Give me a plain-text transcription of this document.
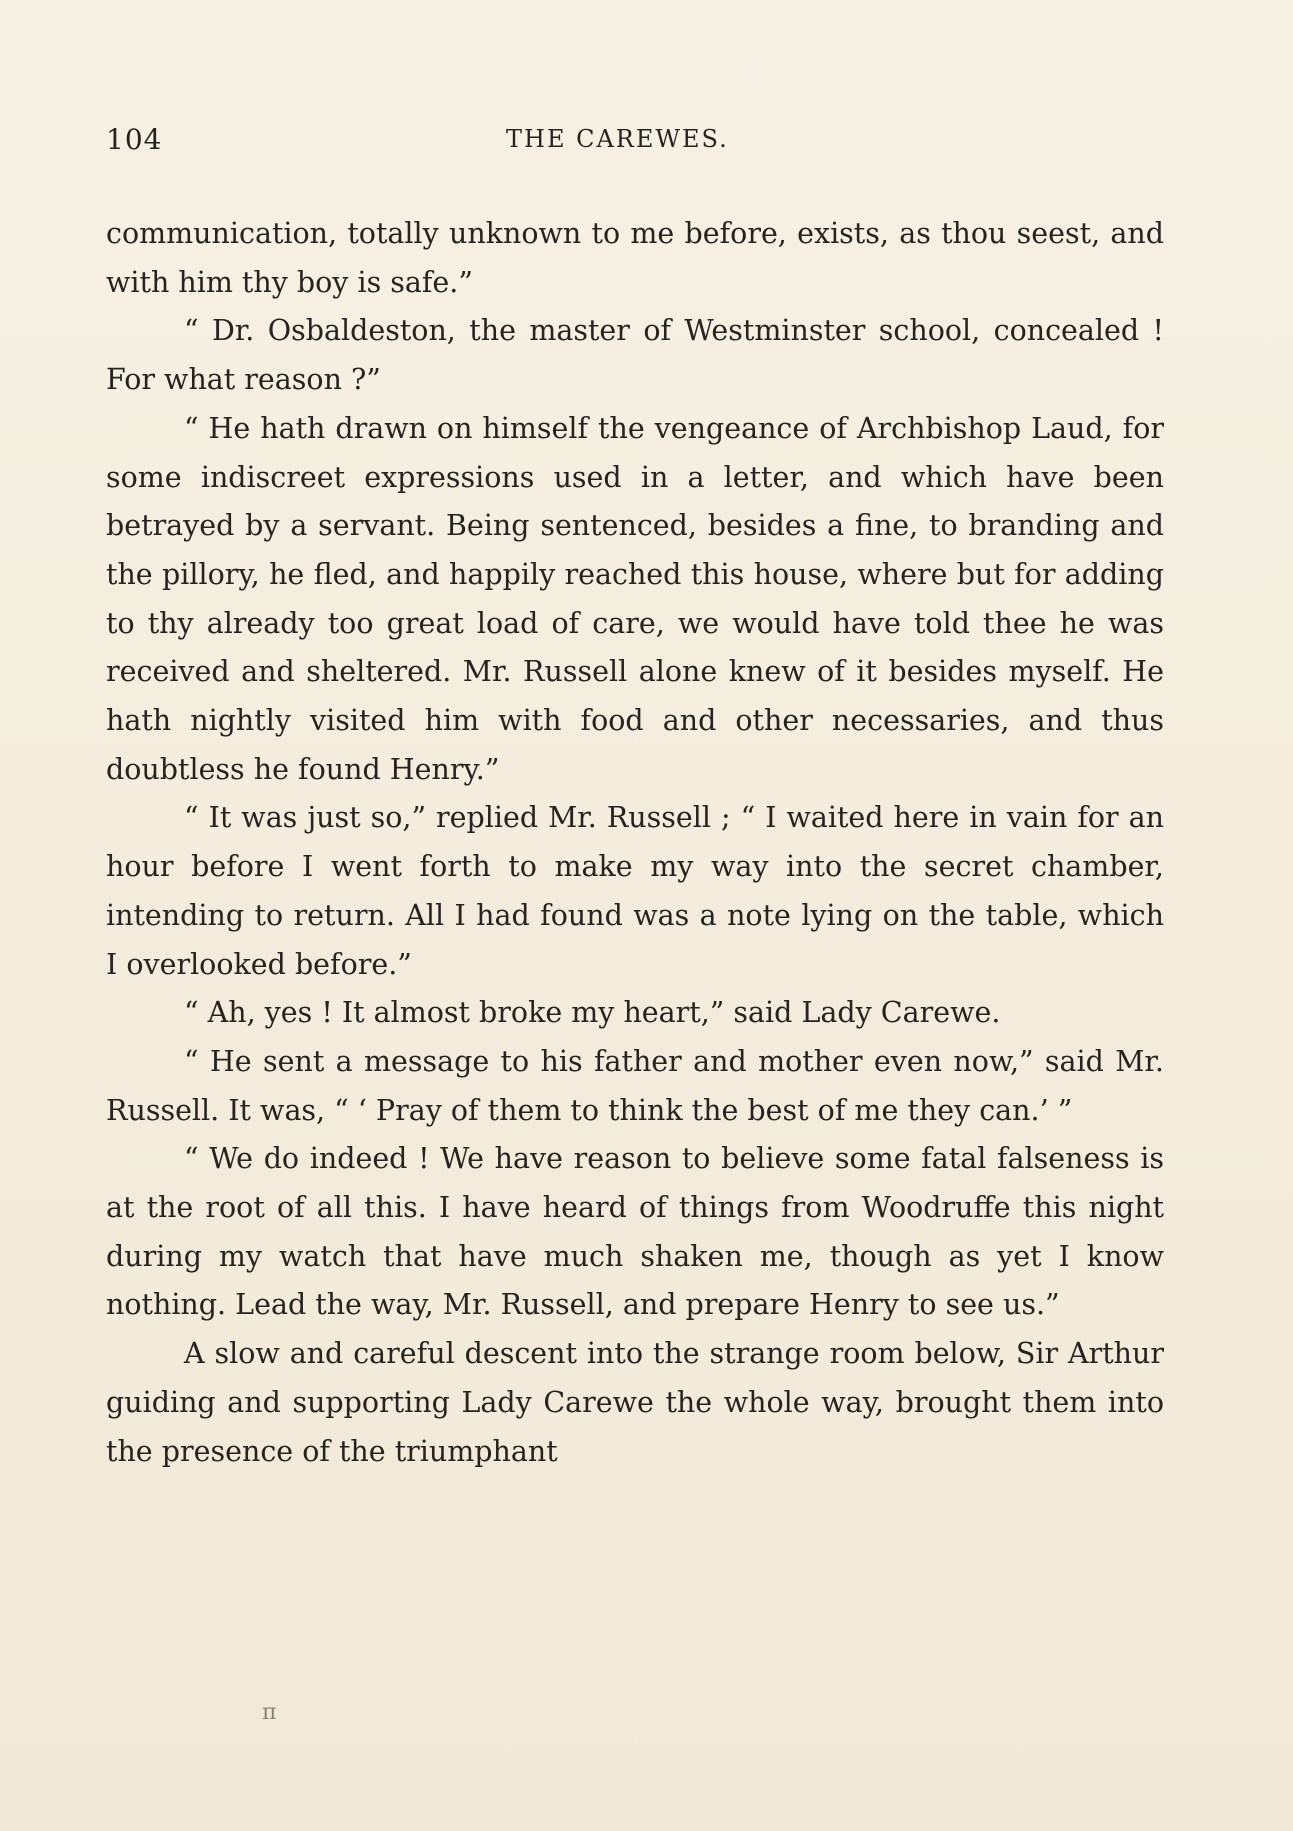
104	THE CAREWES.

communication, totally unknown to me before, exists, as thou seest, and with him thy boy is safe.”

“ Dr. Osbaldeston, the master of Westminster school, concealed ! For what reason ?”

“ He hath drawn on himself the vengeance of Archbishop Laud, for some indiscreet expressions used in a letter, and which have been betrayed by a servant. Being sentenced, besides a fine, to branding and the pillory, he fled, and happily reached this house, where but for adding to thy already too great load of care, we would have told thee he was received and sheltered. Mr. Russell alone knew of it besides myself. He hath nightly visited him with food and other necessaries, and thus doubtless he found Henry.”

“ It was just so,” replied Mr. Russell ; “ I waited here in vain for an hour before I went forth to make my way into the secret chamber, intending to return. All I had found was a note lying on the table, which I overlooked before.”

“ Ah, yes ! It almost broke my heart,” said Lady Carewe.

“ He sent a message to his father and mother even now,” said Mr. Russell. It was, “ ‘ Pray of them to think the best of me they can.’ ”

“ We do indeed ! We have reason to believe some fatal falseness is at the root of all this. I have heard of things from Woodruffe this night during my watch that have much shaken me, though as yet I know nothing. Lead the way, Mr. Russell, and prepare Henry to see us.”

A slow and careful descent into the strange room below, Sir Arthur guiding and supporting Lady Carewe the whole way, brought them into the presence of the triumphant

π
